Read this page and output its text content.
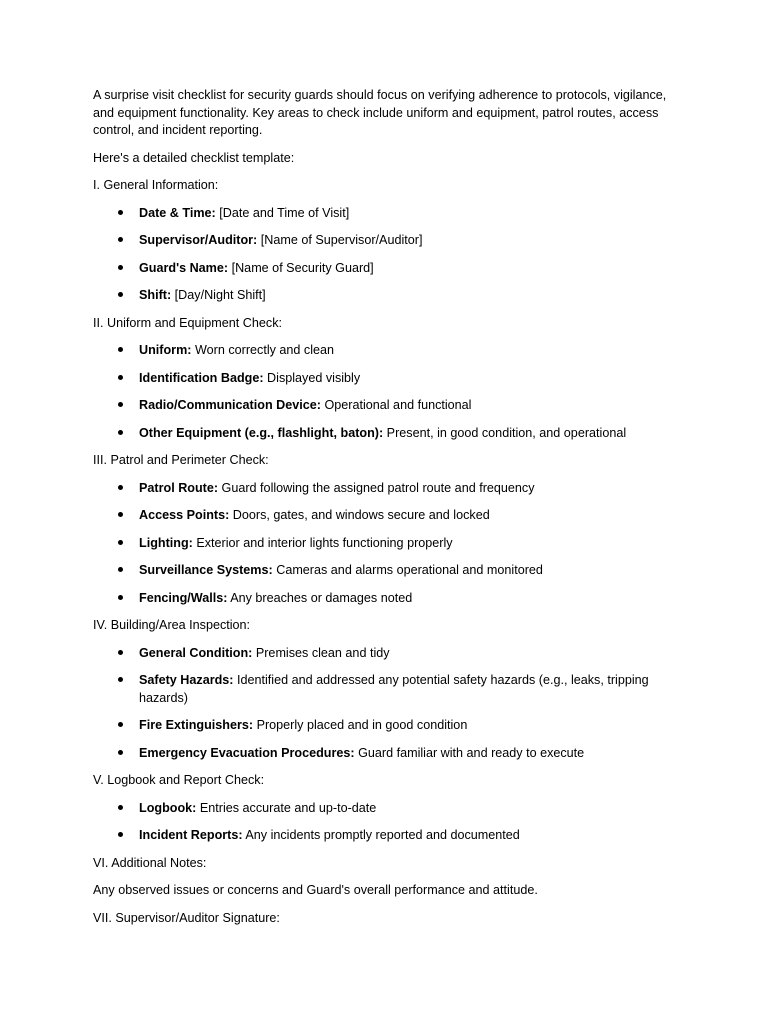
A surprise visit checklist for security guards should focus on verifying adherence to protocols, vigilance, and equipment functionality. Key areas to check include uniform and equipment, patrol routes, access control, and incident reporting.

Here's a detailed checklist template:

I. General Information:

Date & Time: [Date and Time of Visit]
Supervisor/Auditor: [Name of Supervisor/Auditor]
Guard's Name: [Name of Security Guard]
Shift: [Day/Night Shift]

II. Uniform and Equipment Check:

Uniform: Worn correctly and clean
Identification Badge: Displayed visibly
Radio/Communication Device: Operational and functional
Other Equipment (e.g., flashlight, baton): Present, in good condition, and operational

III. Patrol and Perimeter Check:

Patrol Route: Guard following the assigned patrol route and frequency
Access Points: Doors, gates, and windows secure and locked
Lighting: Exterior and interior lights functioning properly
Surveillance Systems: Cameras and alarms operational and monitored
Fencing/Walls: Any breaches or damages noted

IV. Building/Area Inspection:

General Condition: Premises clean and tidy
Safety Hazards: Identified and addressed any potential safety hazards (e.g., leaks, tripping hazards)
Fire Extinguishers: Properly placed and in good condition
Emergency Evacuation Procedures: Guard familiar with and ready to execute

V. Logbook and Report Check:

Logbook: Entries accurate and up-to-date
Incident Reports: Any incidents promptly reported and documented

VI. Additional Notes:

Any observed issues or concerns and Guard's overall performance and attitude.

VII. Supervisor/Auditor Signature:
